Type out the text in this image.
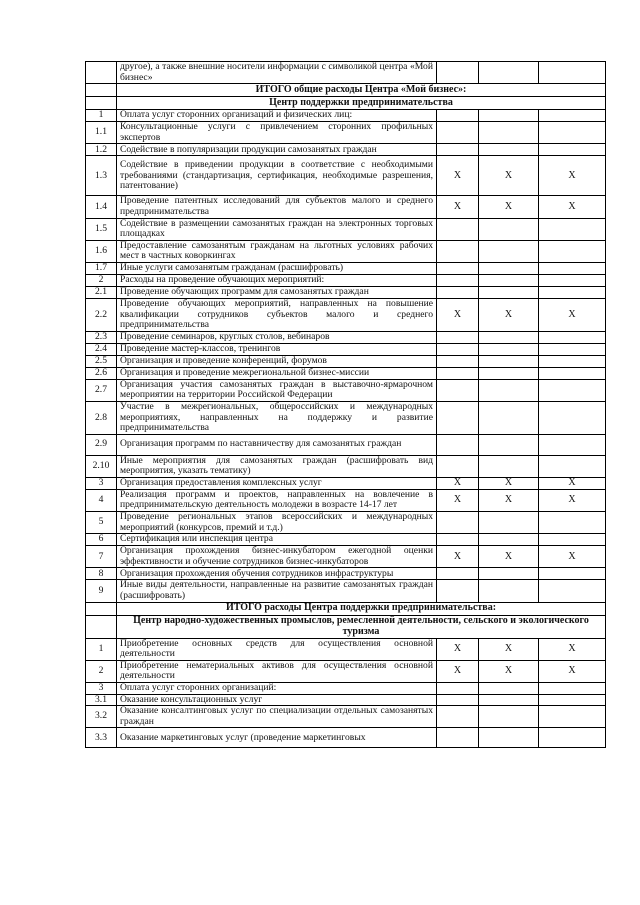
	другое), а также внешние носители информации с символикой центра «Мой бизнес»			
	ИТОГО общие расходы Центра «Мой бизнес»:			
	Центр поддержки предпринимательства			
1	Оплата услуг сторонних организаций и физических лиц:			
1.1	Консультационные услуги с привлечением сторонних профильных экспертов			
1.2	Содействие в популяризации продукции самозанятых граждан			
1.3	Содействие в приведении продукции в соответствие с необходимыми требованиями (стандартизация, сертификация, необходимые разрешения, патентование)	X	X	X
1.4	Проведение патентных исследований для субъектов малого и среднего предпринимательства	X	X	X
1.5	Содействие в размещении самозанятых граждан на электронных торговых площадках			
1.6	Предоставление самозанятым гражданам на льготных условиях рабочих мест в частных коворкингах			
1.7	Иные услуги самозанятым гражданам (расшифровать)			
2	Расходы на проведение обучающих мероприятий:			
2.1	Проведение обучающих программ для самозанятых граждан			
2.2	Проведение обучающих мероприятий, направленных на повышение квалификации сотрудников субъектов малого и среднего предпринимательства	X	X	X
2.3	Проведение семинаров, круглых столов, вебинаров			
2.4	Проведение мастер-классов, тренингов			
2.5	Организация и проведение конференций, форумов			
2.6	Организация и проведение межрегиональной бизнес-миссии			
2.7	Организация участия самозанятых граждан в выставочно-ярмарочном мероприятии на территории Российской Федерации			
2.8	Участие в межрегиональных, общероссийских и международных мероприятиях, направленных на поддержку и развитие предпринимательства			
2.9	Организация программ по наставничеству для самозанятых граждан			
2.10	Иные мероприятия для самозанятых граждан (расшифровать вид мероприятия, указать тематику)			
3	Организация предоставления комплексных услуг	X	X	X
4	Реализация программ и проектов, направленных на вовлечение в предпринимательскую деятельность молодежи в возрасте 14-17 лет	X	X	X
5	Проведение региональных этапов всероссийских и международных мероприятий (конкурсов, премий и т.д.)			
6	Сертификация или инспекция центра			
7	Организация прохождения бизнес-инкубатором ежегодной оценки эффективности и обучение сотрудников бизнес-инкубаторов	X	X	X
8	Организация прохождения обучения сотрудников инфраструктуры			
9	Иные виды деятельности, направленные на развитие самозанятых граждан (расшифровать)			
	ИТОГО расходы Центра поддержки предпринимательства:			
	Центр народно-художественных промыслов, ремесленной деятельности, сельского и экологического туризма			
1	Приобретение основных средств для осуществления основной деятельности	X	X	X
2	Приобретение нематериальных активов для осуществления основной деятельности	X	X	X
3	Оплата услуг сторонних организаций:			
3.1	Оказание консультационных услуг			
3.2	Оказание консалтинговых услуг по специализации отдельных самозанятых граждан			
3.3	Оказание маркетинговых услуг (проведение маркетинговых			
